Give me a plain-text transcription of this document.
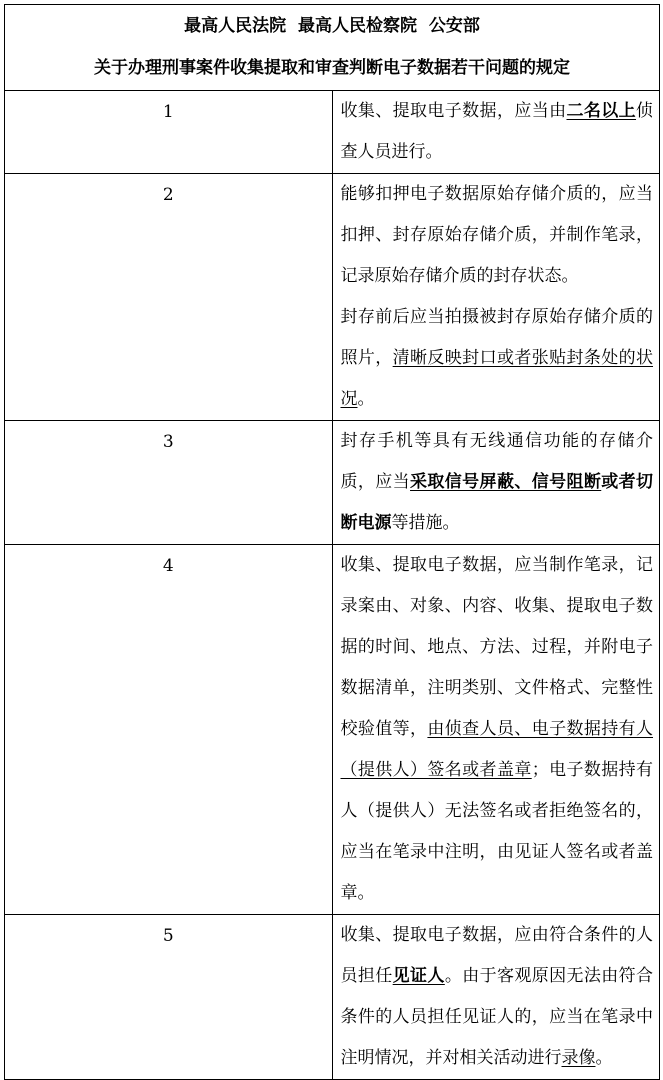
最高人民法院  最高人民检察院  公安部
关于办理刑事案件收集提取和审查判断电子数据若干问题的规定	

1	收集、提取电子数据，应当由二名以上侦查人员进行。

2	能够扣押电子数据原始存储介质的，应当扣押、封存原始存储介质，并制作笔录，记录原始存储介质的封存状态。

封存前后应当拍摄被封存原始存储介质的照片，清晰反映封口或者张贴封条处的状况。

3	封存手机等具有无线通信功能的存储介质，应当采取信号屏蔽、信号阻断或者切断电源等措施。

4	收集、提取电子数据，应当制作笔录，记录案由、对象、内容、收集、提取电子数据的时间、地点、方法、过程，并附电子数据清单，注明类别、文件格式、完整性校验值等，由侦查人员、电子数据持有人（提供人）签名或者盖章；电子数据持有人（提供人）无法签名或者拒绝签名的，应当在笔录中注明，由见证人签名或者盖章。

5	收集、提取电子数据，应由符合条件的人员担任见证人。由于客观原因无法由符合条件的人员担任见证人的，应当在笔录中注明情况，并对相关活动进行录像。
